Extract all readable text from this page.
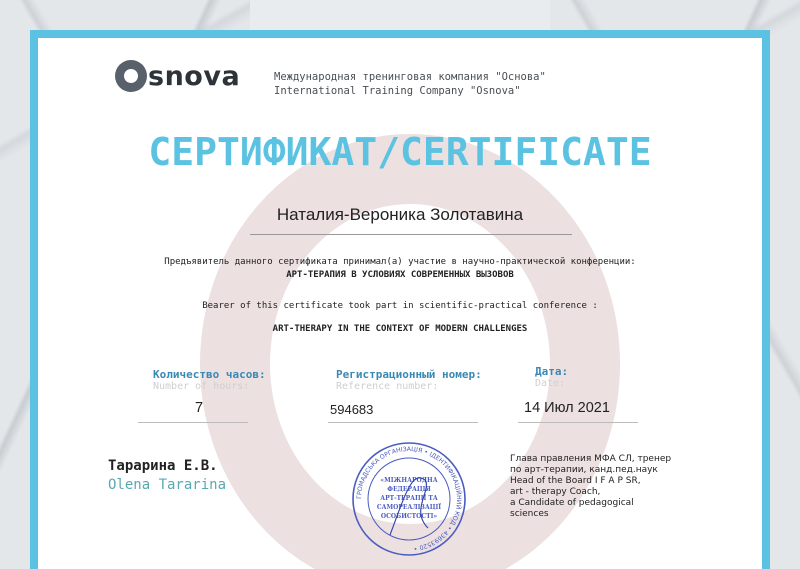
snova	Международная тренинговая компания "Основа"
International Training Company "Osnova"
СЕРТИФИКАТ/CERTIFICATE
Наталия-Вероника Золотавина
Предъявитель данного сертификата принимал(а) участие в научно-практической конференции:
АРТ-ТЕРАПИЯ В УСЛОВИЯХ СОВРЕМЕННЫХ ВЫЗОВОВ
Bearer of this certificate took part in scientific-practical conference :
ART-THERAPY IN THE CONTEXT OF MODERN CHALLENGES
Количество часов:
Number of hours:
7
Регистрационный номер:
Reference number:
594683
Дата:
Date:
14 Июл 2021
Тарарина Е.В.
Olena Tararina
ГРОМАДСЬКА ОРГАНІЗАЦІЯ • ІДЕНТИФІКАЦІЙНИЙ КОД • 43693520 •
«МІЖНАРОДНА
ФЕДЕРАЦІЯ
АРТ-ТЕРАПІЇ ТА
САМОРЕАЛІЗАЦІЇ
ОСОБИСТОСТІ»
Глава правления МФА СЛ, тренер
по арт-терапии, канд.пед.наук
Head of the Board I F A P SR,
art - therapy Coach,
a Candidate of pedagogical
sciences
